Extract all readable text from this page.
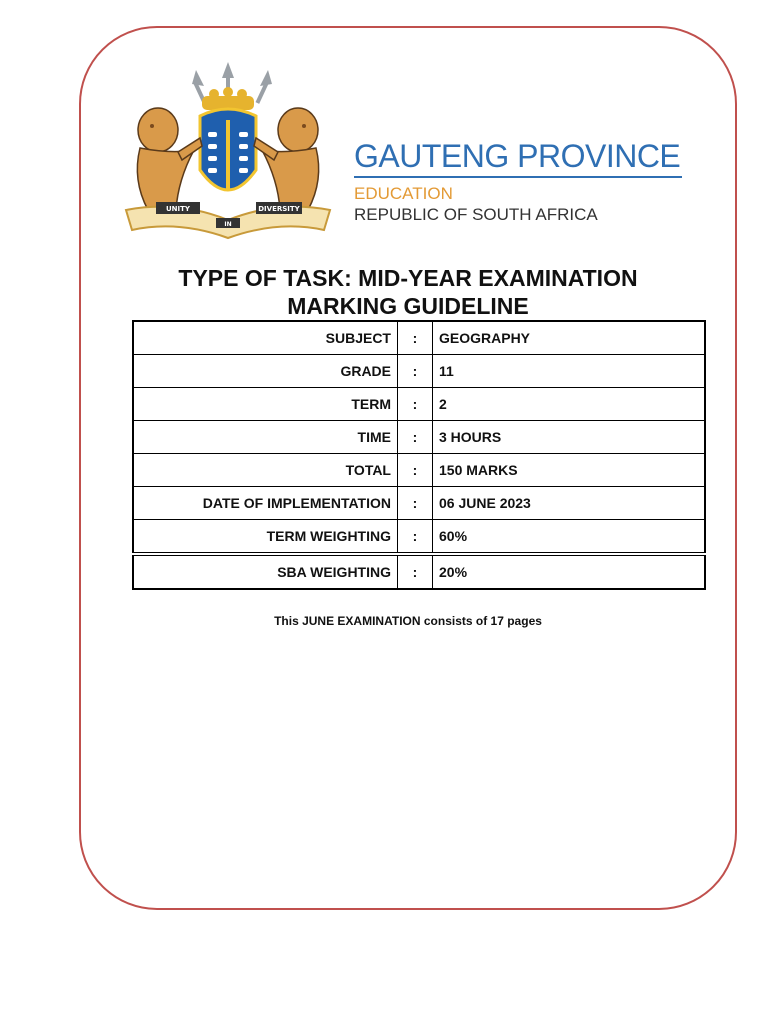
UNITY
IN
DIVERSITY
GAUTENG PROVINCE
EDUCATION
REPUBLIC OF SOUTH AFRICA
TYPE OF TASK: MID-YEAR EXAMINATION
MARKING GUIDELINE
SUBJECT	:	GEOGRAPHY
GRADE	:	11
TERM	:	2
TIME	:	3 HOURS
TOTAL	:	150 MARKS
DATE OF IMPLEMENTATION	:	06 JUNE 2023
TERM WEIGHTING	:	60%
SBA WEIGHTING	:	20%
This JUNE EXAMINATION consists of 17 pages
